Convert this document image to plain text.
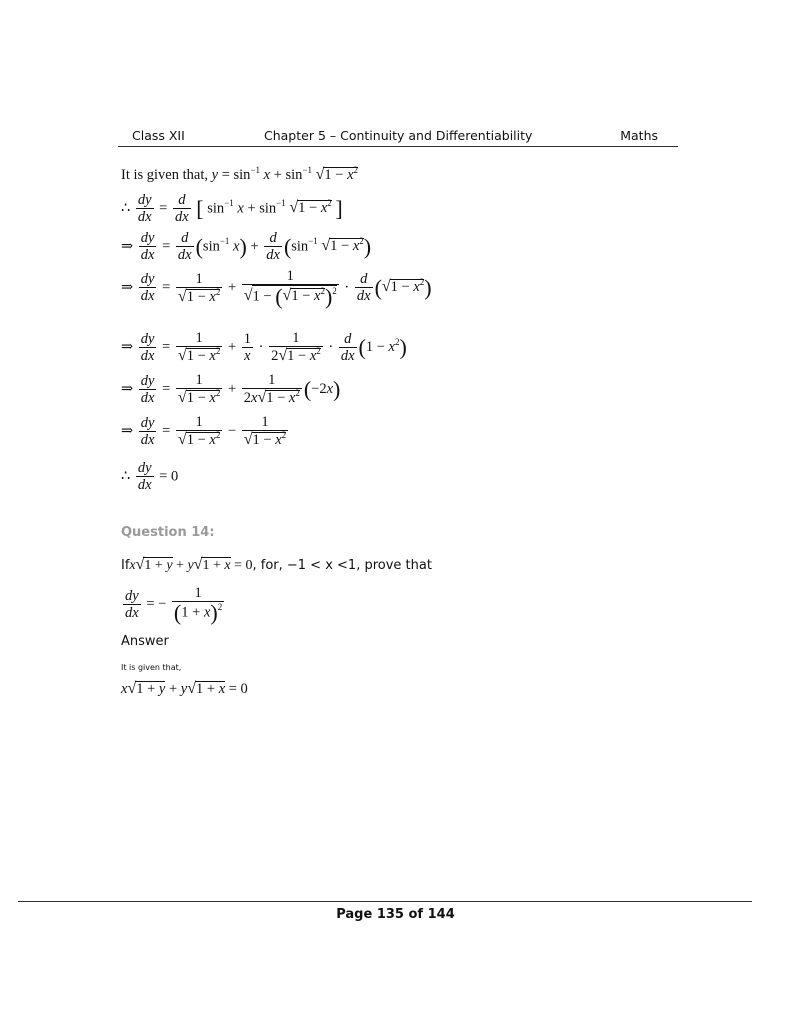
Class XII	Chapter 5 – Continuity and Differentiability	Maths
It is given that, $y = \sin^{-1} x + \sin^{-1} √1 - x^2$
∴ $\frac{dy}{dx} = \frac{d}{dx}$ [ $\sin^{-1} x + \sin^{-1} √1 - x^2$ ]
⇒ $\frac{dy}{dx} = \frac{d}{dx} (\sin^{-1}$ $x) + \frac{d}{dx} (\sin^{-1}$ $√1 - x^2$)
⇒ $\frac{dy}{dx} = \frac{1}{√1 - x^2} + \frac{1}{√1 - (√1 - x^2)^2} \cdot \frac{d}{dx} (√1 - x^2)$
⇒ $\frac{dy}{dx} = \frac{1}{√1 - x^2} + \frac{1}{x} \cdot \frac{1}{2√1 - x^2} \cdot \frac{d}{dx} (1 - x^2)$
⇒ $\frac{dy}{dx} = \frac{1}{√1 - x^2} + \frac{1}{2x√1 - x^2} (-2x)$
⇒ $\frac{dy}{dx} = \frac{1}{√1 - x^2} - \frac{1}{√1 - x^2}$
∴ $\frac{dy}{dx} = 0$
Question 14:
Ifx√1 + y + y√1 + x = 0, for, −1 < x <1, prove that
$\frac{dy}{dx}$ = − $\frac{1}{(1 + x)^2}$
Answer
It is given that,
x√1 + y + y√1 + x = 0
Page 135 of 144
